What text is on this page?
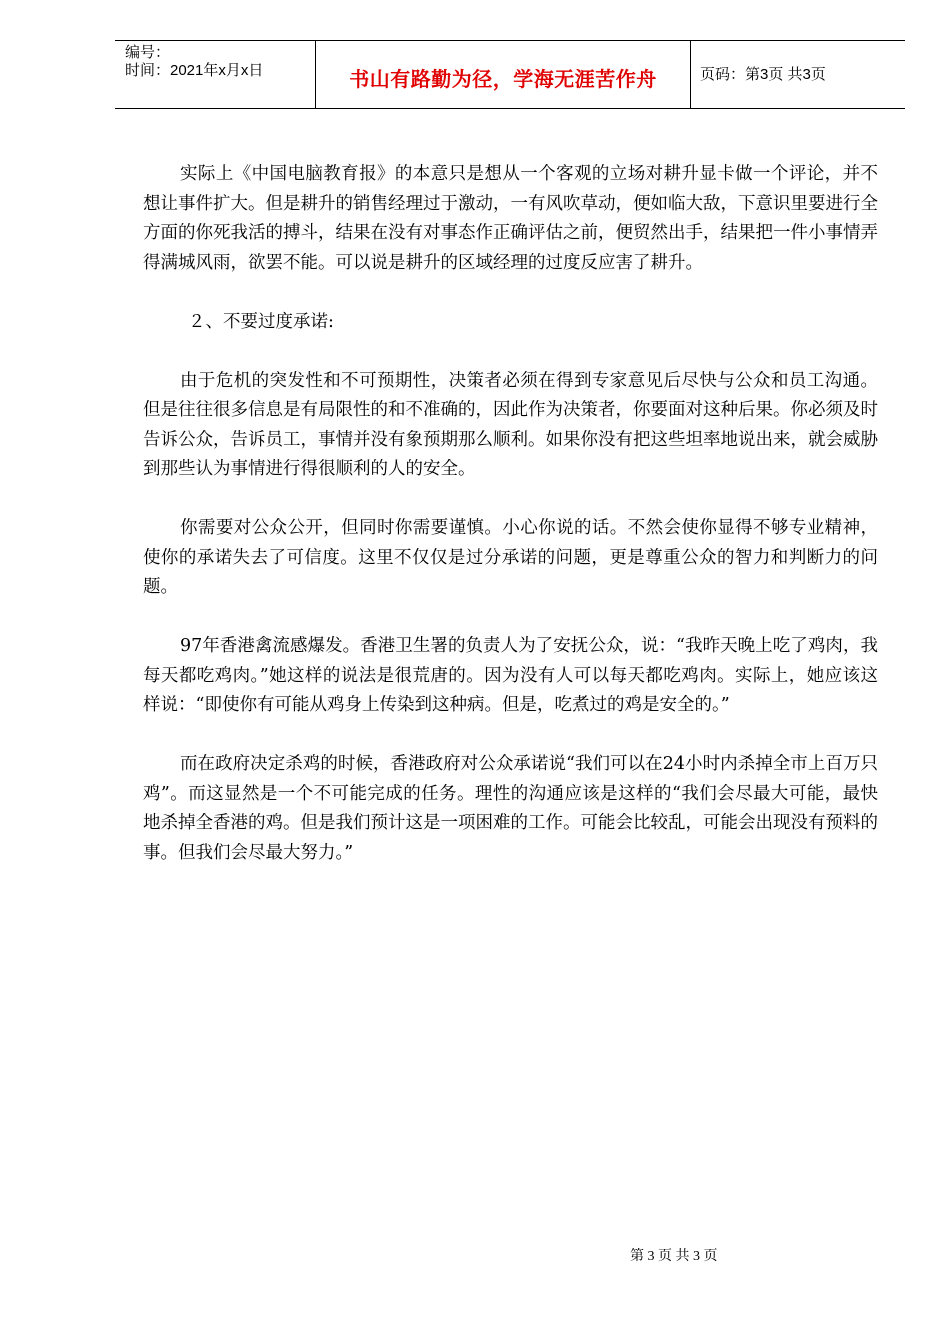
编号：
时间：2021年x月x日	书山有路勤为径，学海无涯苦作舟	页码：第3页 共3页

实际上《中国电脑教育报》的本意只是想从一个客观的立场对耕升显卡做一个评论，并不想让事件扩大。但是耕升的销售经理过于激动，一有风吹草动，便如临大敌，下意识里要进行全方面的你死我活的搏斗，结果在没有对事态作正确评估之前，便贸然出手，结果把一件小事情弄得满城风雨，欲罢不能。可以说是耕升的区域经理的过度反应害了耕升。

２、不要过度承诺:

由于危机的突发性和不可预期性，决策者必须在得到专家意见后尽快与公众和员工沟通。但是往往很多信息是有局限性的和不准确的，因此作为决策者，你要面对这种后果。你必须及时告诉公众，告诉员工，事情并没有象预期那么顺利。如果你没有把这些坦率地说出来，就会威胁到那些认为事情进行得很顺利的人的安全。

你需要对公众公开，但同时你需要谨慎。小心你说的话。不然会使你显得不够专业精神，使你的承诺失去了可信度。这里不仅仅是过分承诺的问题，更是尊重公众的智力和判断力的问题。

97年香港禽流感爆发。香港卫生署的负责人为了安抚公众，说：“我昨天晚上吃了鸡肉，我每天都吃鸡肉。”她这样的说法是很荒唐的。因为没有人可以每天都吃鸡肉。实际上，她应该这样说：“即使你有可能从鸡身上传染到这种病。但是，吃煮过的鸡是安全的。”

而在政府决定杀鸡的时候，香港政府对公众承诺说“我们可以在24小时内杀掉全市上百万只鸡”。而这显然是一个不可能完成的任务。理性的沟通应该是这样的“我们会尽最大可能，最快地杀掉全香港的鸡。但是我们预计这是一项困难的工作。可能会比较乱，可能会出现没有预料的事。但我们会尽最大努力。”

第 3 页 共 3 页
